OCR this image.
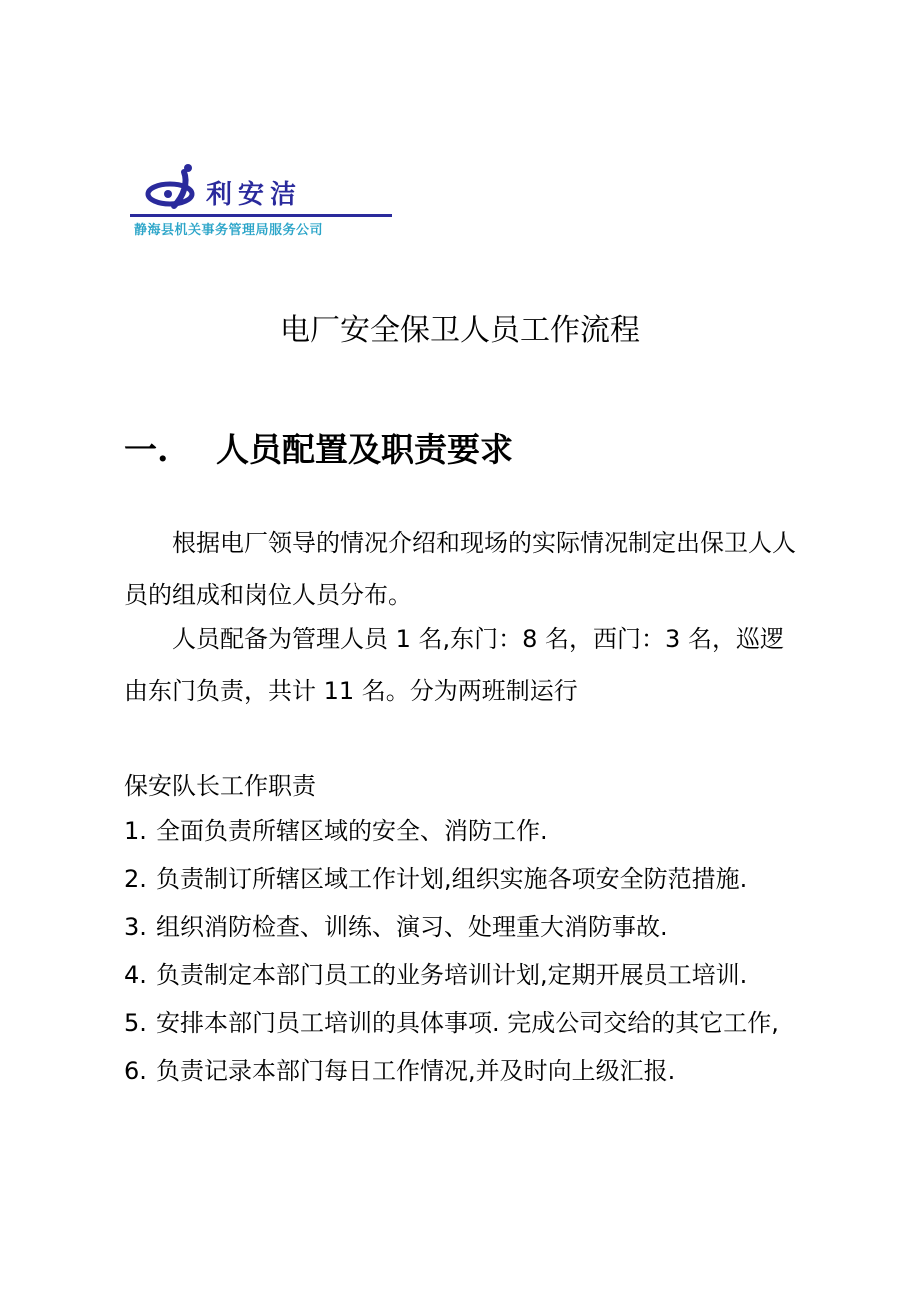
利安洁
静海县机关事务管理局服务公司
电厂安全保卫人员工作流程
一. 人员配置及职责要求
根据电厂领导的情况介绍和现场的实际情况制定出保卫人人员的组成和岗位人员分布。
人员配备为管理人员 1 名,东门：8 名，西门：3 名，巡逻由东门负责，共计 11 名。分为两班制运行
保安队长工作职责
1. 全面负责所辖区域的安全、消防工作.
2. 负责制订所辖区域工作计划,组织实施各项安全防范措施.
3. 组织消防检查、训练、演习、处理重大消防事故.
4. 负责制定本部门员工的业务培训计划,定期开展员工培训.
5. 安排本部门员工培训的具体事项. 完成公司交给的其它工作,
6. 负责记录本部门每日工作情况,并及时向上级汇报.
